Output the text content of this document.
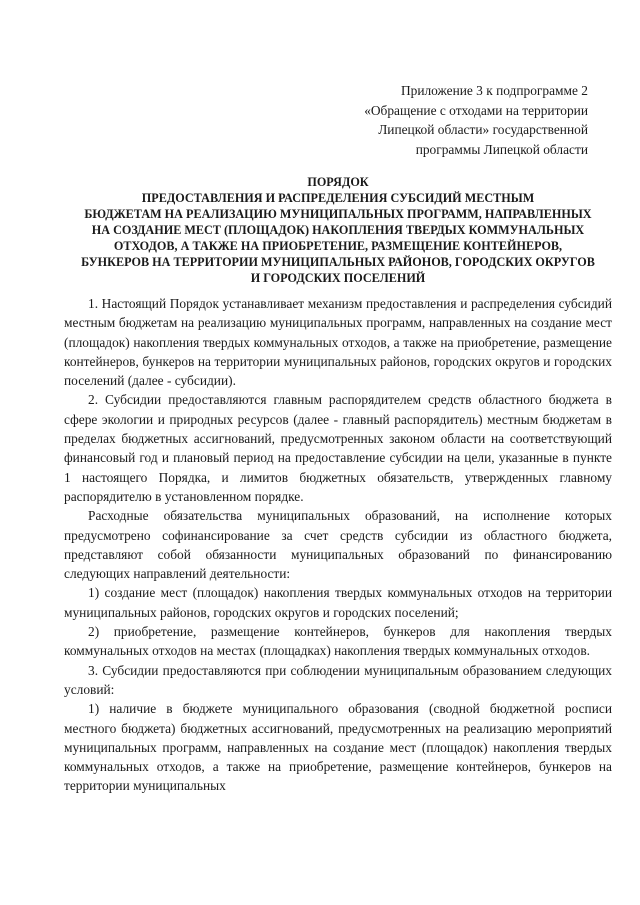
Приложение 3 к подпрограмме 2
«Обращение с отходами на территории
Липецкой области» государственной
программы Липецкой области
ПОРЯДОК
ПРЕДОСТАВЛЕНИЯ И РАСПРЕДЕЛЕНИЯ СУБСИДИЙ МЕСТНЫМ
БЮДЖЕТАМ НА РЕАЛИЗАЦИЮ МУНИЦИПАЛЬНЫХ ПРОГРАММ, НАПРАВЛЕННЫХ
НА СОЗДАНИЕ МЕСТ (ПЛОЩАДОК) НАКОПЛЕНИЯ ТВЕРДЫХ КОММУНАЛЬНЫХ
ОТХОДОВ, А ТАКЖЕ НА ПРИОБРЕТЕНИЕ, РАЗМЕЩЕНИЕ КОНТЕЙНЕРОВ,
БУНКЕРОВ НА ТЕРРИТОРИИ МУНИЦИПАЛЬНЫХ РАЙОНОВ, ГОРОДСКИХ ОКРУГОВ
И ГОРОДСКИХ ПОСЕЛЕНИЙ

1. Настоящий Порядок устанавливает механизм предоставления и распределения субсидий местным бюджетам на реализацию муниципальных программ, направленных на создание мест (площадок) накопления твердых коммунальных отходов, а также на приобретение, размещение контейнеров, бункеров на территории муниципальных районов, городских округов и городских поселений (далее - субсидии).

2. Субсидии предоставляются главным распорядителем средств областного бюджета в сфере экологии и природных ресурсов (далее - главный распорядитель) местным бюджетам в пределах бюджетных ассигнований, предусмотренных законом области на соответствующий финансовый год и плановый период на предоставление субсидии на цели, указанные в пункте 1 настоящего Порядка, и лимитов бюджетных обязательств, утвержденных главному распорядителю в установленном порядке.

Расходные обязательства муниципальных образований, на исполнение которых предусмотрено софинансирование за счет средств субсидии из областного бюджета, представляют собой обязанности муниципальных образований по финансированию следующих направлений деятельности:

1) создание мест (площадок) накопления твердых коммунальных отходов на территории муниципальных районов, городских округов и городских поселений;

2) приобретение, размещение контейнеров, бункеров для накопления твердых коммунальных отходов на местах (площадках) накопления твердых коммунальных отходов.

3. Субсидии предоставляются при соблюдении муниципальным образованием следующих условий:

1) наличие в бюджете муниципального образования (сводной бюджетной росписи местного бюджета) бюджетных ассигнований, предусмотренных на реализацию мероприятий муниципальных программ, направленных на создание мест (площадок) накопления твердых коммунальных отходов, а также на приобретение, размещение контейнеров, бункеров на территории муниципальных
